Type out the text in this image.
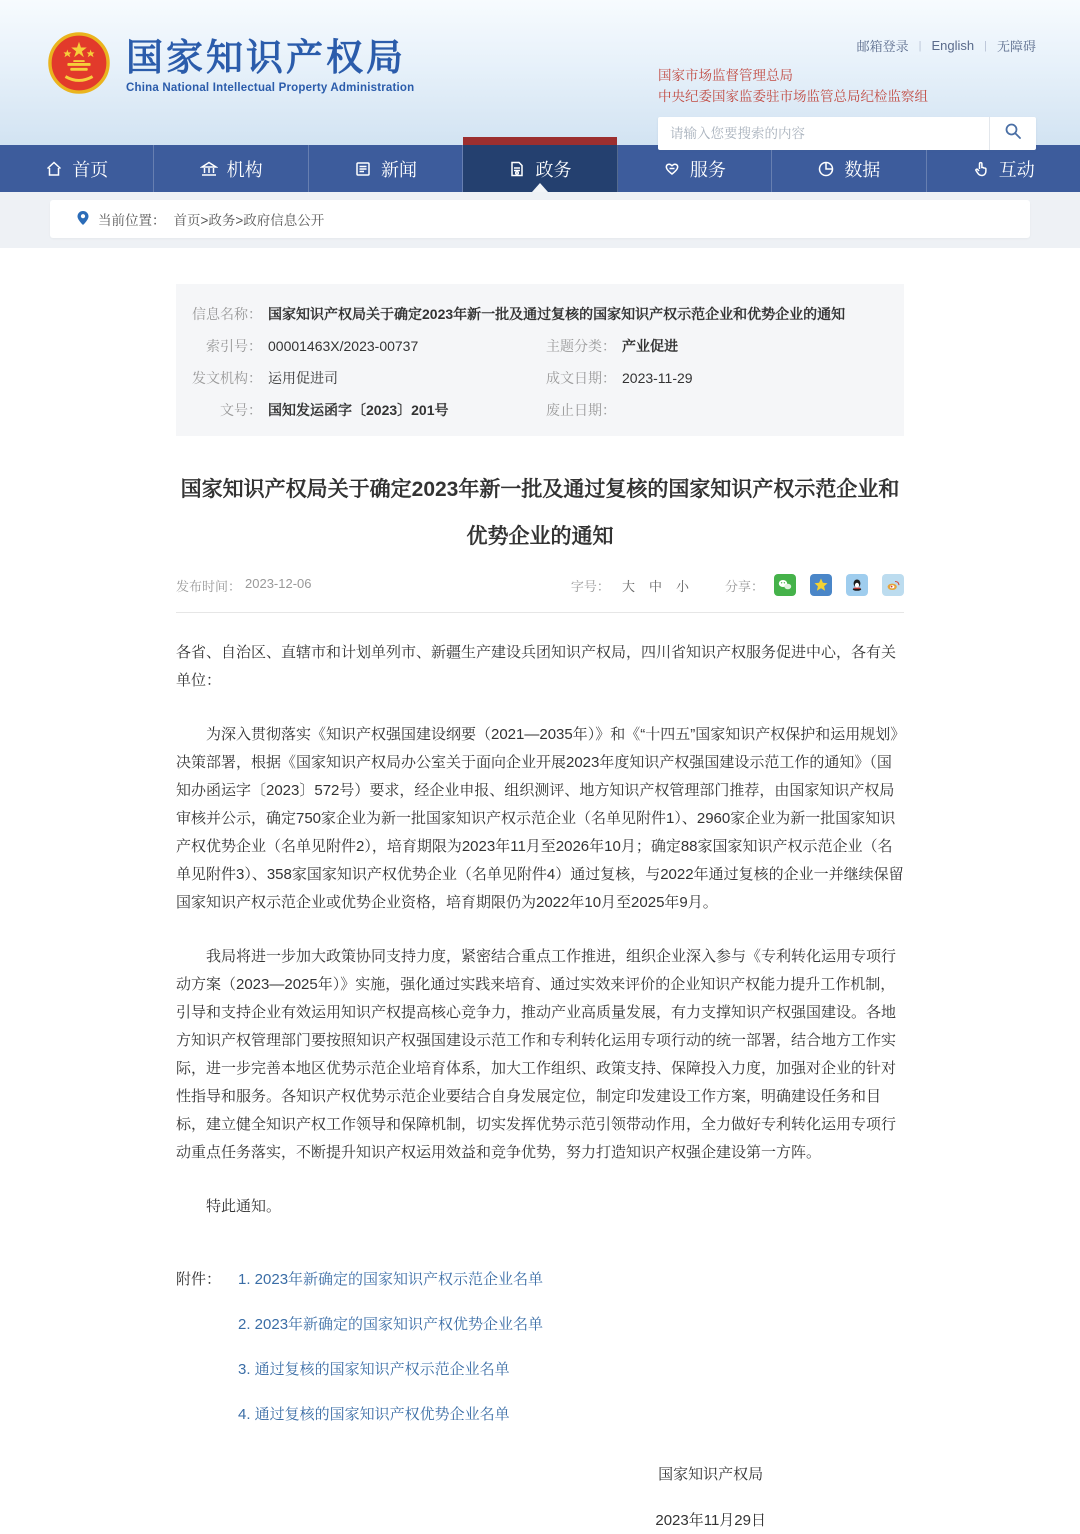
国家知识产权局
China National Intellectual Property Administration
邮箱登录 | English | 无障碍
国家市场监督管理总局
中央纪委国家监委驻市场监管总局纪检监察组
请输入您要搜索的内容
首页	机构	新闻	政务	服务	数据	互动
当前位置： 首页>政务>政府信息公开
信息名称： 国家知识产权局关于确定2023年新一批及通过复核的国家知识产权示范企业和优势企业的通知
索引号： 00001463X/2023-00737	主题分类： 产业促进
发文机构： 运用促进司	成文日期： 2023-11-29
文号： 国知发运函字〔2023〕201号	废止日期：
国家知识产权局关于确定2023年新一批及通过复核的国家知识产权示范企业和优势企业的通知
发布时间： 2023-12-06	字号： 大 中 小	分享：

各省、自治区、直辖市和计划单列市、新疆生产建设兵团知识产权局，四川省知识产权服务促进中心，各有关单位：

为深入贯彻落实《知识产权强国建设纲要（2021—2035年）》和《“十四五”国家知识产权保护和运用规划》决策部署，根据《国家知识产权局办公室关于面向企业开展2023年度知识产权强国建设示范工作的通知》（国知办函运字〔2023〕572号）要求，经企业申报、组织测评、地方知识产权管理部门推荐，由国家知识产权局审核并公示，确定750家企业为新一批国家知识产权示范企业（名单见附件1）、2960家企业为新一批国家知识产权优势企业（名单见附件2），培育期限为2023年11月至2026年10月；确定88家国家知识产权示范企业（名单见附件3）、358家国家知识产权优势企业（名单见附件4）通过复核，与2022年通过复核的企业一并继续保留国家知识产权示范企业或优势企业资格，培育期限仍为2022年10月至2025年9月。

我局将进一步加大政策协同支持力度，紧密结合重点工作推进，组织企业深入参与《专利转化运用专项行动方案（2023—2025年）》实施，强化通过实践来培育、通过实效来评价的企业知识产权能力提升工作机制，引导和支持企业有效运用知识产权提高核心竞争力，推动产业高质量发展，有力支撑知识产权强国建设。各地方知识产权管理部门要按照知识产权强国建设示范工作和专利转化运用专项行动的统一部署，结合地方工作实际，进一步完善本地区优势示范企业培育体系，加大工作组织、政策支持、保障投入力度，加强对企业的针对性指导和服务。各知识产权优势示范企业要结合自身发展定位，制定印发建设工作方案，明确建设任务和目标，建立健全知识产权工作领导和保障机制，切实发挥优势示范引领带动作用，全力做好专利转化运用专项行动重点任务落实，不断提升知识产权运用效益和竞争优势，努力打造知识产权强企建设第一方阵。

特此通知。

附件： 1. 2023年新确定的国家知识产权示范企业名单
2. 2023年新确定的国家知识产权优势企业名单
3. 通过复核的国家知识产权示范企业名单
4. 通过复核的国家知识产权优势企业名单
国家知识产权局
2023年11月29日
